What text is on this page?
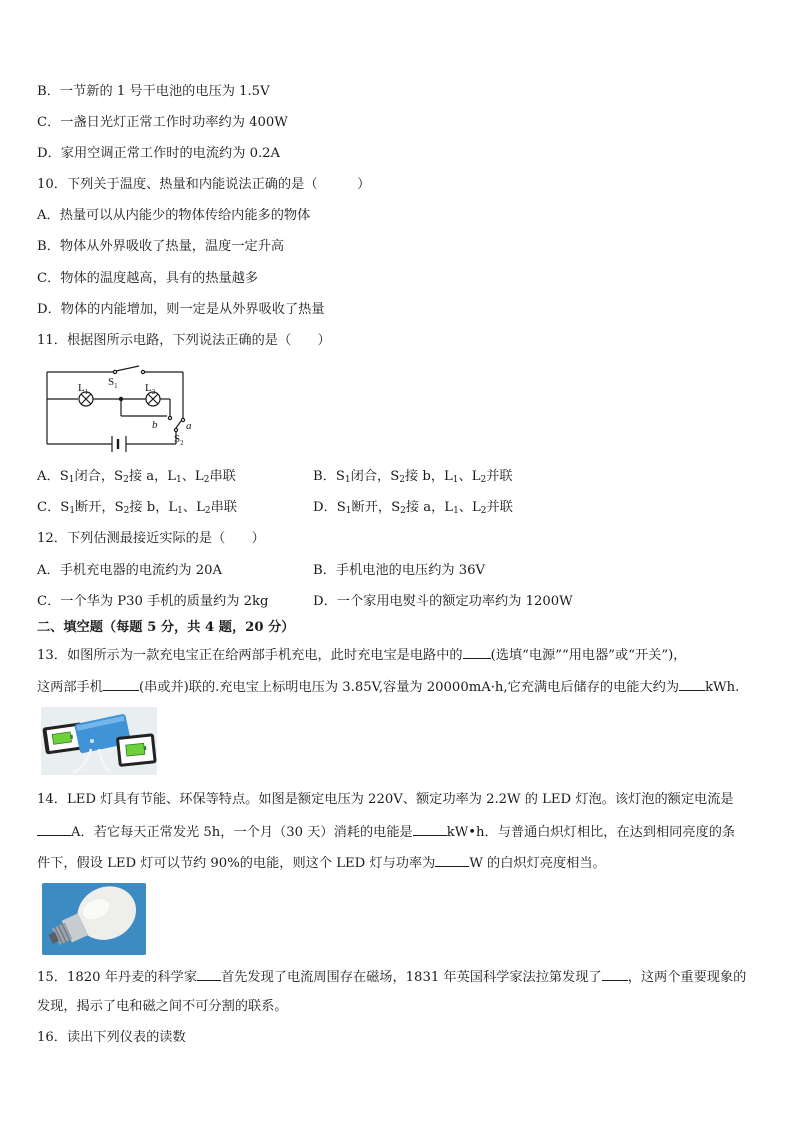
B．一节新的 1 号干电池的电压为 1.5V
C．一盏日光灯正常工作时功率约为 400W
D．家用空调正常工作时的电流约为 0.2A
10．下列关于温度、热量和内能说法正确的是（　　　）
A．热量可以从内能少的物体传给内能多的物体
B．物体从外界吸收了热量，温度一定升高
C．物体的温度越高，具有的热量越多
D．物体的内能增加，则一定是从外界吸收了热量
11．根据图所示电路，下列说法正确的是（　　）
$L_1$	$L_2$
$S_1$
$S_2$
a
b
A．$S_1$闭合，$S_2$接 a，$L_1$、$L_2$串联	B．$S_1$闭合，$S_2$接 b，$L_1$、$L_2$并联
C．$S_1$断开，$S_2$接 b，$L_1$、$L_2$串联	D．$S_1$断开，$S_2$接 a，$L_1$、$L_2$并联
12．下列估测最接近实际的是（　　）
A．手机充电器的电流约为 20A	B．手机电池的电压约为 36V
C．一个华为 P30 手机的质量约为 2kg	D．一个家用电熨斗的额定功率约为 1200W
二、填空题（每题 5 分，共 4 题，20 分）
13．如图所示为一款充电宝正在给两部手机充电，此时充电宝是电路中的 (选填“电源”“用电器”或“开关”)，
这两部手机	(串或并)联的.充电宝上标明电压为 3.85V,容量为 20000mA·h,它充满电后储存的电能大约为 kWh.
14．LED 灯具有节能、环保等特点。如图是额定电压为 220V、额定功率为 2.2W 的 LED 灯泡。该灯泡的额定电流是
A．若它每天正常发光 5h，一个月（30 天）消耗的电能是	kW•h．与普通白炽灯相比，在达到相同亮度的条
件下，假设 LED 灯可以节约 90%的电能，则这个 LED 灯与功率为	W 的白炽灯亮度相当。
15．1820 年丹麦的科学家 首先发现了电流周围存在磁场，1831 年英国科学家法拉第发现了 ，这两个重要现象的
发现，揭示了电和磁之间不可分割的联系。
16．读出下列仪表的读数
